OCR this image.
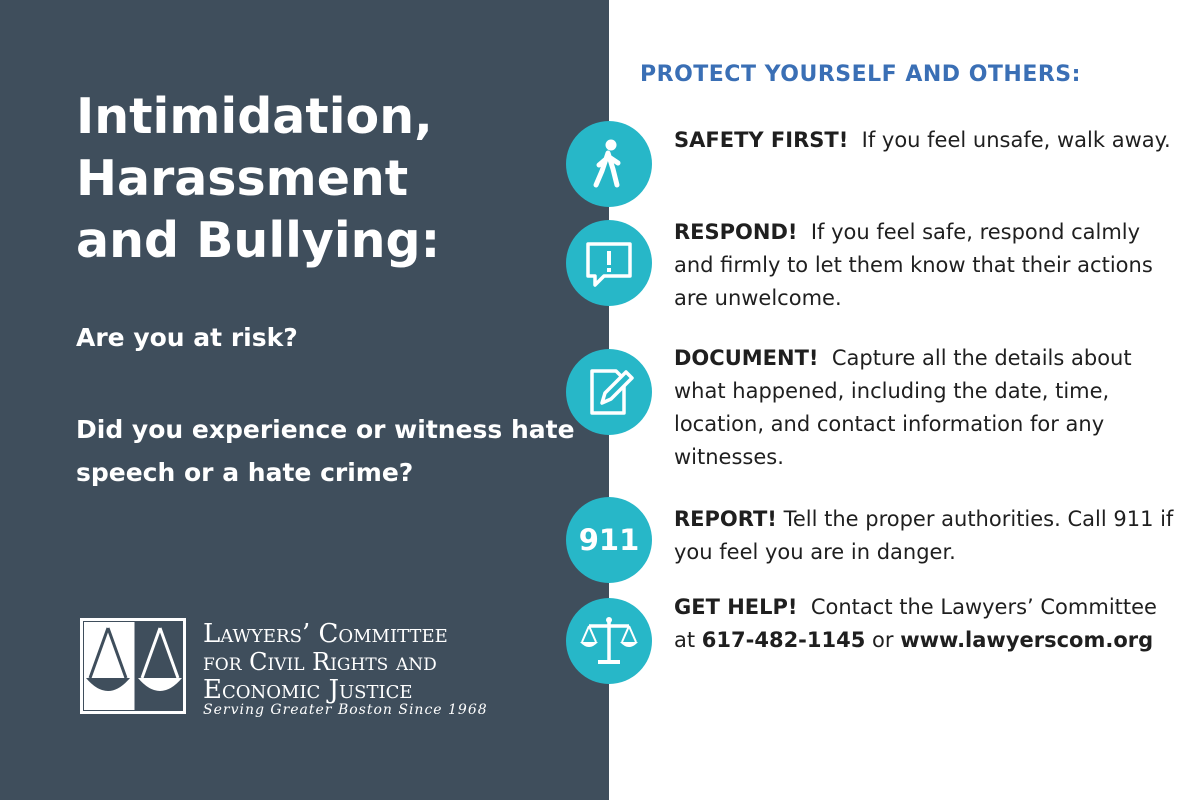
Intimidation,
Harassment
and Bullying:

Are you at risk?

Did you experience or witness hate speech or a hate crime?

Lawyers’ Committee
for Civil Rights and
Economic Justice
Serving Greater Boston Since 1968
PROTECT YOURSELF AND OTHERS:

SAFETY FIRST! If you feel unsafe, walk away.

RESPOND! If you feel safe, respond calmly and firmly to let them know that their actions are unwelcome.

DOCUMENT! Capture all the details about what happened, including the date, time, location, and contact information for any witnesses.

911

REPORT! Tell the proper authorities. Call 911 if you feel you are in danger.

GET HELP! Contact the Lawyers’ Committee at 617-482-1145 or www.lawyerscom.org
